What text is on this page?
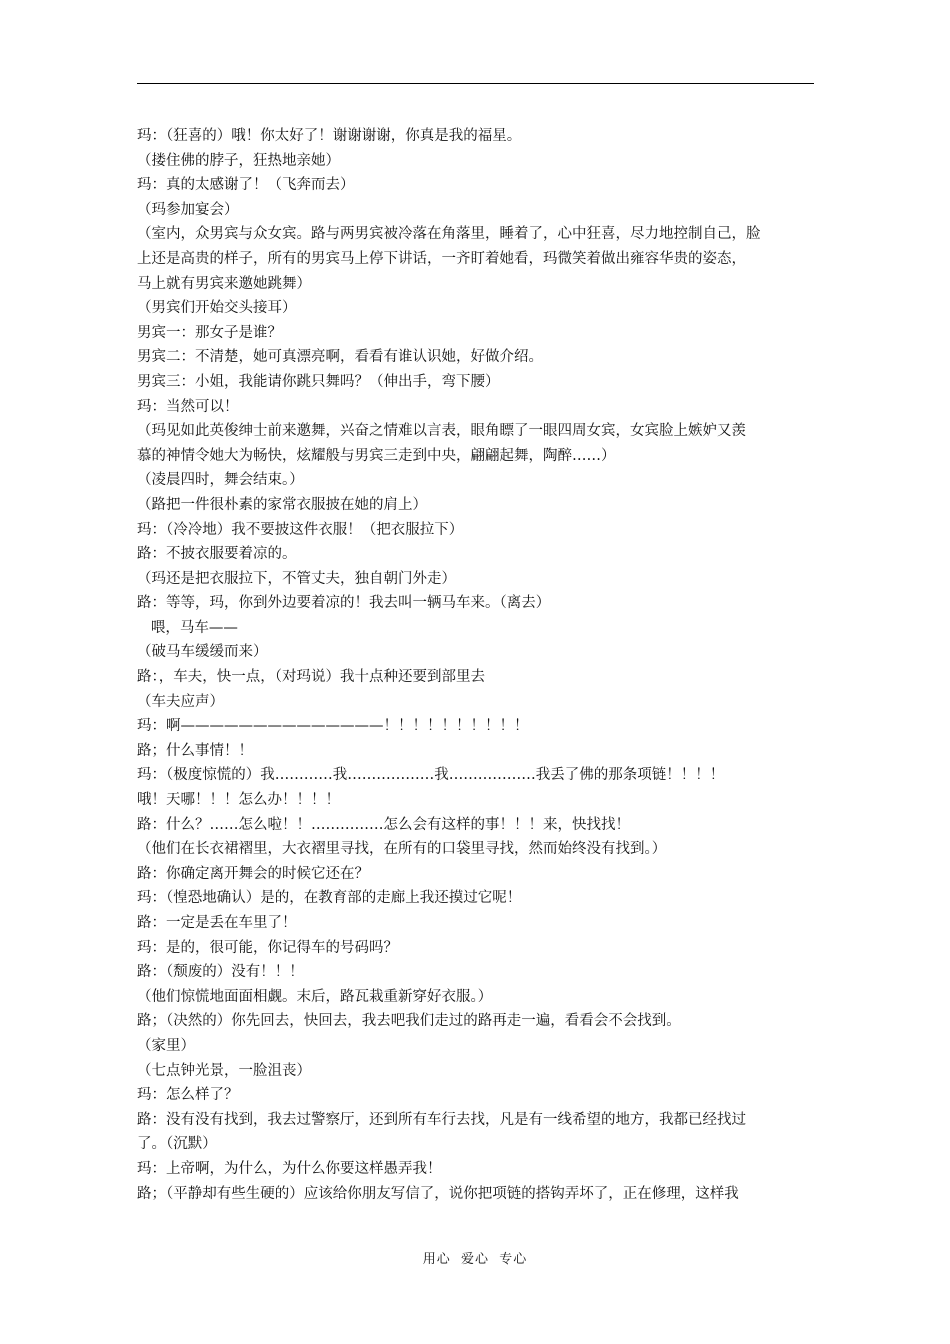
玛：（狂喜的）哦！你太好了！谢谢谢谢，你真是我的福星。
（搂住佛的脖子，狂热地亲她）
玛：真的太感谢了！（飞奔而去）
（玛参加宴会）
（室内，众男宾与众女宾。路与两男宾被冷落在角落里，睡着了，心中狂喜，尽力地控制自己，脸
上还是高贵的样子，所有的男宾马上停下讲话，一齐盯着她看，玛微笑着做出雍容华贵的姿态，
马上就有男宾来邀她跳舞）
（男宾们开始交头接耳）
男宾一：那女子是谁？
男宾二：不清楚，她可真漂亮啊，看看有谁认识她，好做介绍。
男宾三：小姐，我能请你跳只舞吗？（伸出手，弯下腰）
玛：当然可以！
（玛见如此英俊绅士前来邀舞，兴奋之情难以言表，眼角瞟了一眼四周女宾，女宾脸上嫉妒又羡
慕的神情令她大为畅快，炫耀般与男宾三走到中央，翩翩起舞，陶醉……）
（凌晨四时，舞会结束。）
（路把一件很朴素的家常衣服披在她的肩上）
玛：（冷冷地）我不要披这件衣服！（把衣服拉下）
路：不披衣服要着凉的。
（玛还是把衣服拉下，不管丈夫，独自朝门外走）
路：等等，玛，你到外边要着凉的！我去叫一辆马车来。（离去）
喂，马车——
（破马车缓缓而来）
路：，车夫，快一点，（对玛说）我十点种还要到部里去
（车夫应声）
玛：啊——————————————！！！！！！！！！！
路；什么事情！！
玛：（极度惊慌的）我…………我………………我………………我丢了佛的那条项链！！！！
哦！天哪！！！怎么办！！！！
路：什么？……怎么啦！！……………怎么会有这样的事！！！来，快找找！
（他们在长衣裙褶里，大衣褶里寻找，在所有的口袋里寻找，然而始终没有找到。）
路：你确定离开舞会的时候它还在？
玛：（惶恐地确认）是的，在教育部的走廊上我还摸过它呢！
路：一定是丢在车里了！
玛：是的，很可能，你记得车的号码吗？
路：（颓废的）没有！！！
（他们惊慌地面面相觑。末后，路瓦栽重新穿好衣服。）
路；（决然的）你先回去，快回去，我去吧我们走过的路再走一遍，看看会不会找到。
（家里）
（七点钟光景，一脸沮丧）
玛：怎么样了？
路：没有没有找到，我去过警察厅，还到所有车行去找，凡是有一线希望的地方，我都已经找过
了。（沉默）
玛：上帝啊，为什么，为什么你要这样愚弄我！
路；（平静却有些生硬的）应该给你朋友写信了，说你把项链的搭钩弄坏了，正在修理，这样我
用心  爱心  专心
